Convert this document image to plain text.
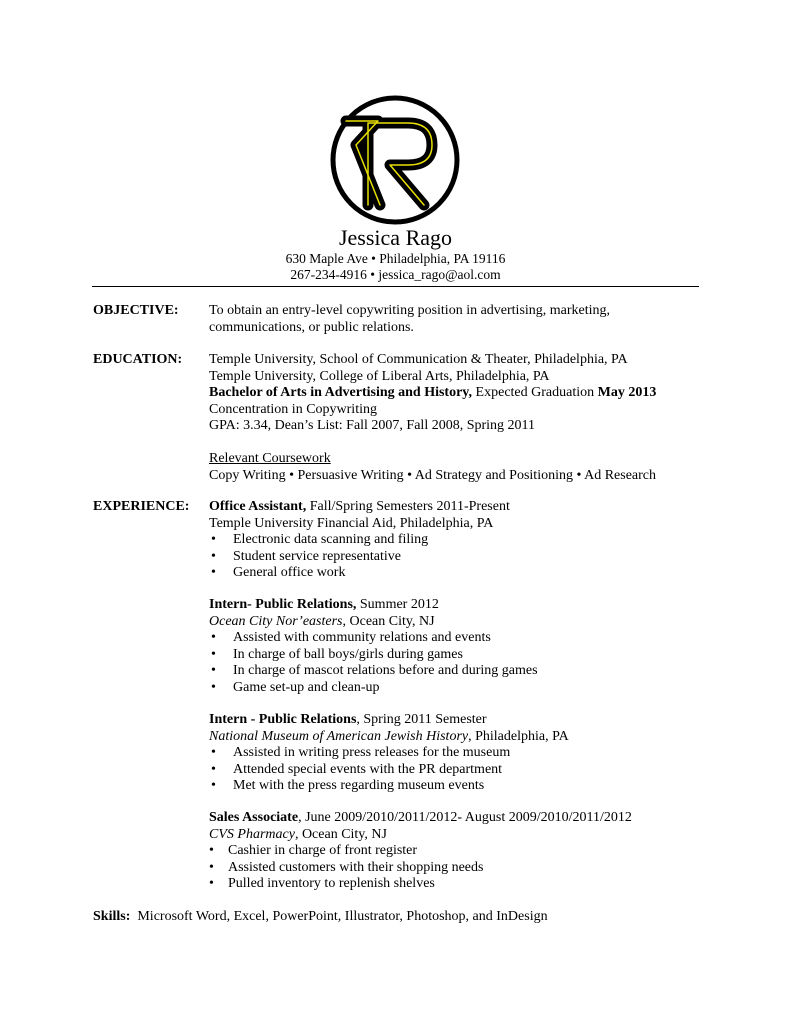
Jessica Rago
630 Maple Ave • Philadelphia, PA 19116
267-234-4916 • jessica_rago@aol.com
OBJECTIVE: To obtain an entry-level copywriting position in advertising, marketing,
communications, or public relations.
EDUCATION: Temple University, School of Communication & Theater, Philadelphia, PA
Temple University, College of Liberal Arts, Philadelphia, PA
Bachelor of Arts in Advertising and History, Expected Graduation May 2013
Concentration in Copywriting
GPA: 3.34, Dean’s List: Fall 2007, Fall 2008, Spring 2011
Relevant Coursework
Copy Writing • Persuasive Writing • Ad Strategy and Positioning • Ad Research
EXPERIENCE: Office Assistant, Fall/Spring Semesters 2011-Present
Temple University Financial Aid, Philadelphia, PA
• Electronic data scanning and filing
• Student service representative
• General office work
Intern- Public Relations, Summer 2012
Ocean City Nor’easters, Ocean City, NJ
• Assisted with community relations and events
• In charge of ball boys/girls during games
• In charge of mascot relations before and during games
• Game set-up and clean-up
Intern - Public Relations, Spring 2011 Semester
National Museum of American Jewish History, Philadelphia, PA
• Assisted in writing press releases for the museum
• Attended special events with the PR department
• Met with the press regarding museum events
Sales Associate, June 2009/2010/2011/2012- August 2009/2010/2011/2012
CVS Pharmacy, Ocean City, NJ
• Cashier in charge of front register
• Assisted customers with their shopping needs
• Pulled inventory to replenish shelves
Skills: Microsoft Word, Excel, PowerPoint, Illustrator, Photoshop, and InDesign
